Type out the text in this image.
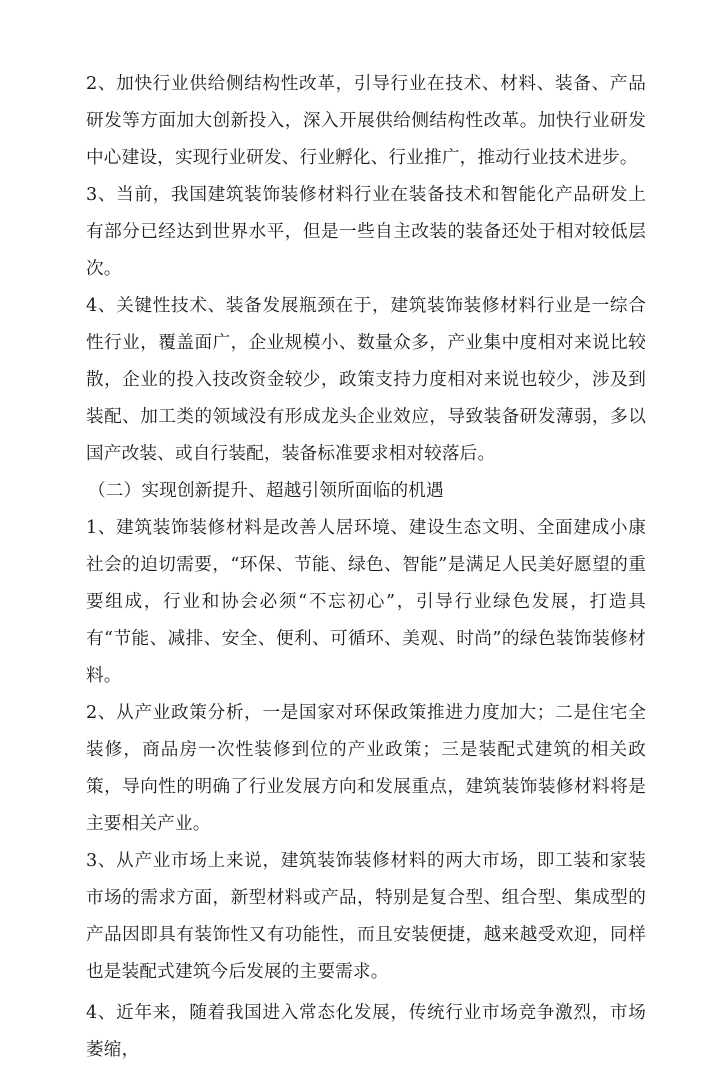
2、加快行业供给侧结构性改革，引导行业在技术、材料、装备、产品研发等方面加大创新投入，深入开展供给侧结构性改革。加快行业研发中心建设，实现行业研发、行业孵化、行业推广，推动行业技术进步。

3、当前，我国建筑装饰装修材料行业在装备技术和智能化产品研发上有部分已经达到世界水平，但是一些自主改装的装备还处于相对较低层次。

4、关键性技术、装备发展瓶颈在于，建筑装饰装修材料行业是一综合性行业，覆盖面广，企业规模小、数量众多，产业集中度相对来说比较散，企业的投入技改资金较少，政策支持力度相对来说也较少，涉及到装配、加工类的领域没有形成龙头企业效应，导致装备研发薄弱，多以国产改装、或自行装配，装备标准要求相对较落后。

（二）实现创新提升、超越引领所面临的机遇

1、建筑装饰装修材料是改善人居环境、建设生态文明、全面建成小康社会的迫切需要，“环保、节能、绿色、智能”是满足人民美好愿望的重要组成，行业和协会必须“不忘初心”，引导行业绿色发展，打造具有“节能、减排、安全、便利、可循环、美观、时尚”的绿色装饰装修材料。

2、从产业政策分析，一是国家对环保政策推进力度加大；二是住宅全装修，商品房一次性装修到位的产业政策；三是装配式建筑的相关政策，导向性的明确了行业发展方向和发展重点，建筑装饰装修材料将是主要相关产业。

3、从产业市场上来说，建筑装饰装修材料的两大市场，即工装和家装市场的需求方面，新型材料或产品，特别是复合型、组合型、集成型的产品因即具有装饰性又有功能性，而且安装便捷，越来越受欢迎，同样也是装配式建筑今后发展的主要需求。

4、近年来，随着我国进入常态化发展，传统行业市场竞争激烈，市场萎缩，
